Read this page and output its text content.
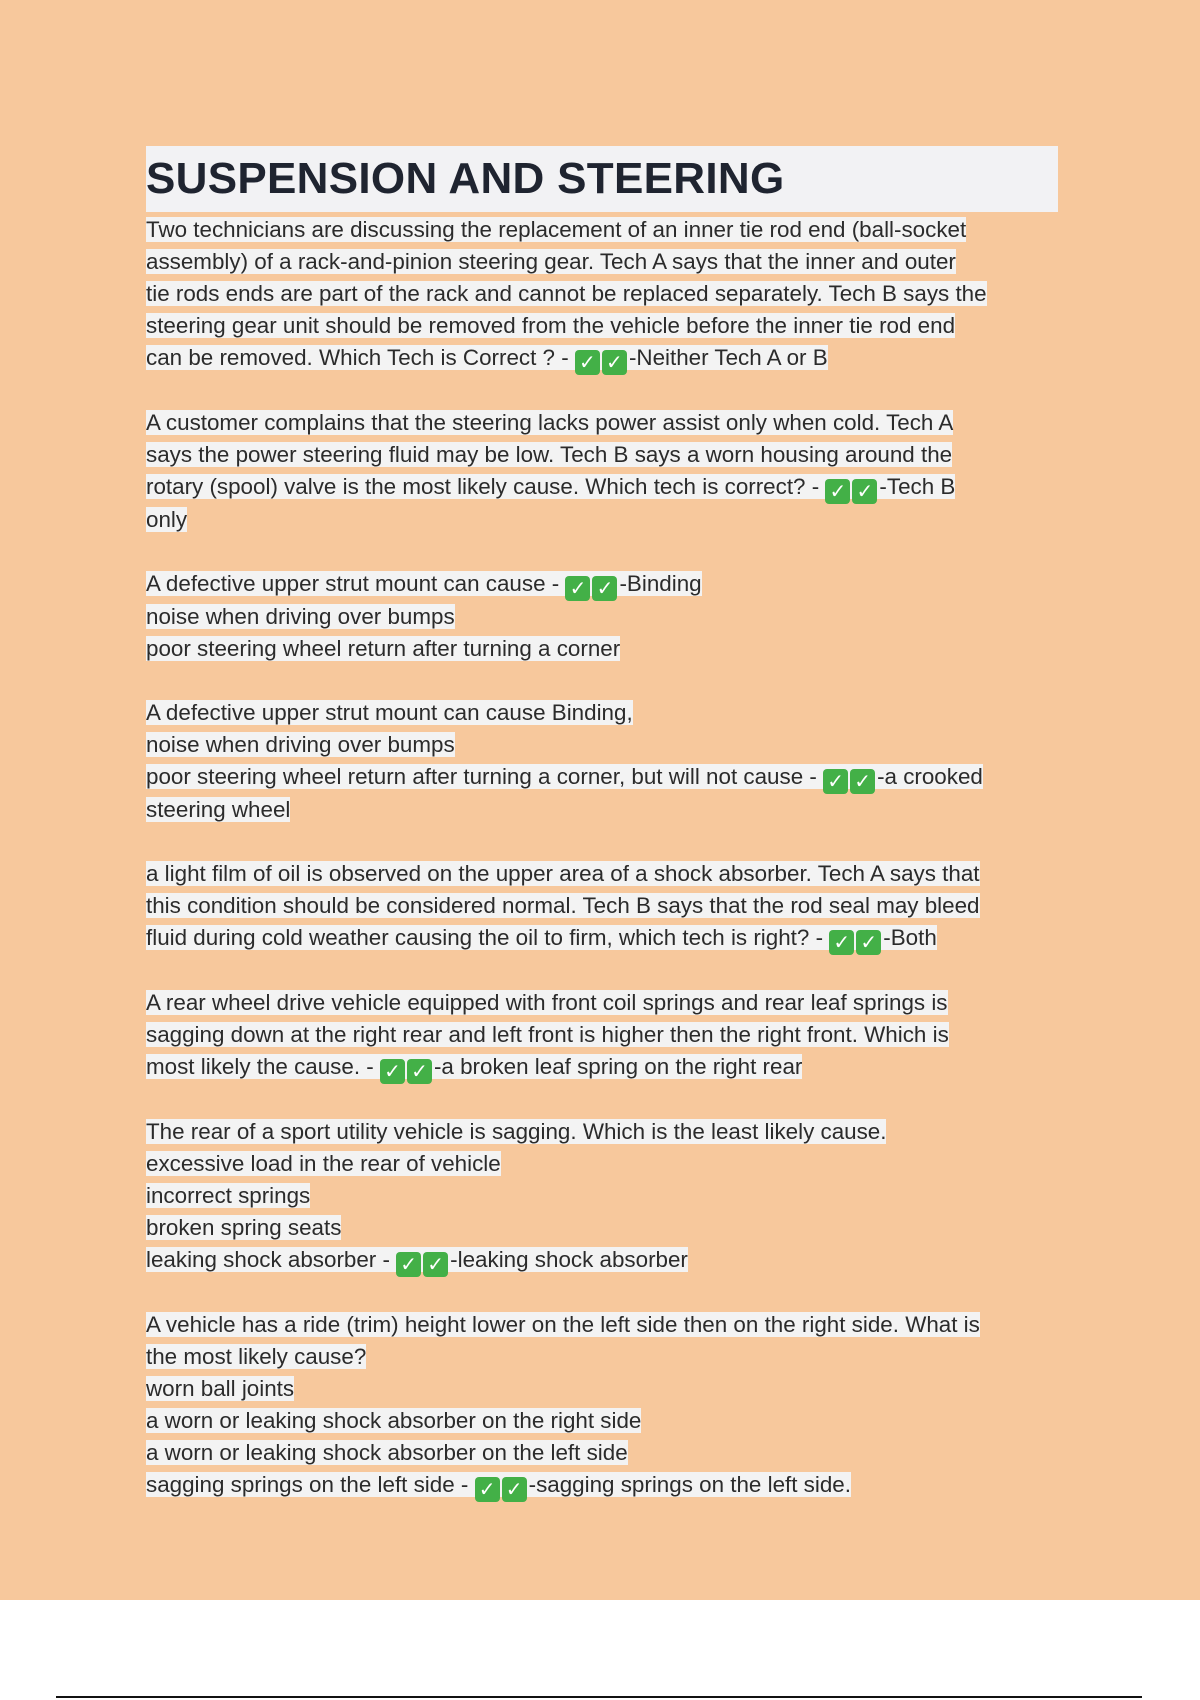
SUSPENSION AND STEERING
Two technicians are discussing the replacement of an inner tie rod end (ball-socket
assembly) of a rack-and-pinion steering gear. Tech A says that the inner and outer
tie rods ends are part of the rack and cannot be replaced separately. Tech B says the
steering gear unit should be removed from the vehicle before the inner tie rod end
can be removed. Which Tech is Correct ? - ✓ ✓ -Neither Tech A or B
A customer complains that the steering lacks power assist only when cold. Tech A
says the power steering fluid may be low. Tech B says a worn housing around the
rotary (spool) valve is the most likely cause. Which tech is correct? - ✓ ✓ -Tech B
only
A defective upper strut mount can cause - ✓ ✓ -Binding
noise when driving over bumps
poor steering wheel return after turning a corner
A defective upper strut mount can cause Binding,
noise when driving over bumps
poor steering wheel return after turning a corner, but will not cause - ✓ ✓ -a crooked
steering wheel
a light film of oil is observed on the upper area of a shock absorber. Tech A says that
this condition should be considered normal. Tech B says that the rod seal may bleed
fluid during cold weather causing the oil to firm, which tech is right? - ✓ ✓ -Both
A rear wheel drive vehicle equipped with front coil springs and rear leaf springs is
sagging down at the right rear and left front is higher then the right front. Which is
most likely the cause. - ✓ ✓ -a broken leaf spring on the right rear
The rear of a sport utility vehicle is sagging. Which is the least likely cause.
excessive load in the rear of vehicle
incorrect springs
broken spring seats
leaking shock absorber - ✓ ✓ -leaking shock absorber
A vehicle has a ride (trim) height lower on the left side then on the right side. What is
the most likely cause?
worn ball joints
a worn or leaking shock absorber on the right side
a worn or leaking shock absorber on the left side
sagging springs on the left side - ✓ ✓ -sagging springs on the left side.
